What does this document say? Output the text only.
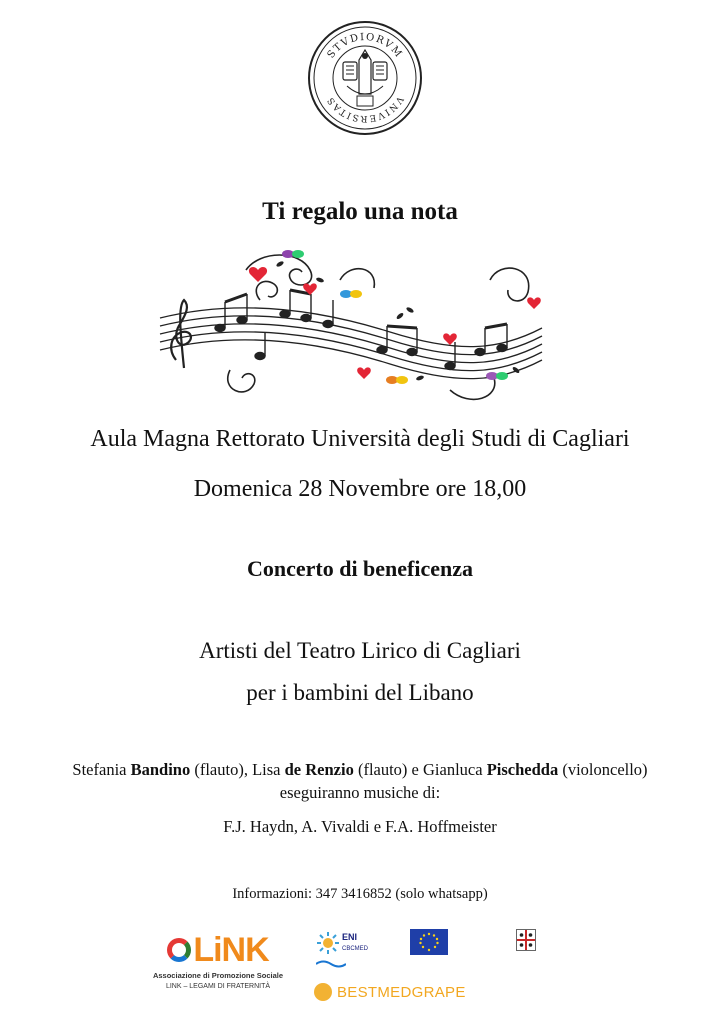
STVDIORVM
VNIVERSITAS
Ti regalo una nota
Aula Magna Rettorato Università degli Studi di Cagliari
Domenica 28 Novembre ore 18,00
Concerto di beneficenza
Artisti del Teatro Lirico di Cagliari
per i bambini del Libano
Stefania Bandino (flauto), Lisa de Renzio (flauto) e Gianluca Pischedda (violoncello)
eseguiranno musiche di:
F.J. Haydn, A. Vivaldi e F.A. Hoffmeister
Informazioni: 347 3416852 (solo whatsapp)
LiNK
Associazione di Promozione Sociale
LINK – LEGAMI DI FRATERNITÀ
ENI
CBCMED
BESTMEDGRAPE
